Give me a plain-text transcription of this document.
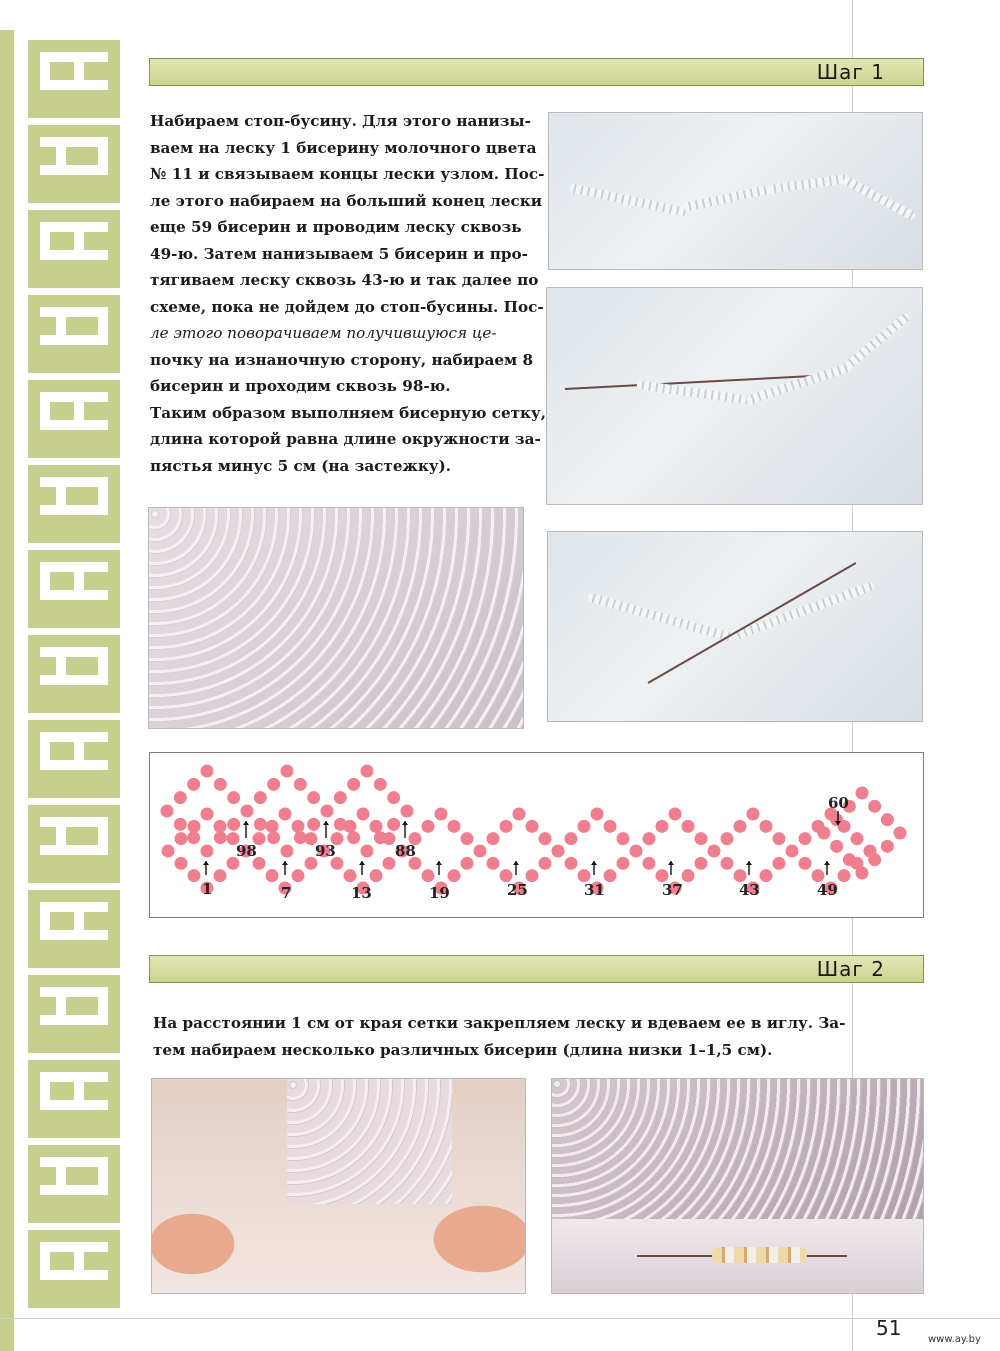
Шаг 1

Набираем стоп-бусину. Для этого нанизы-
ваем на леску 1 бисерину молочного цвета
№ 11 и связываем концы лески узлом. Пос-
ле этого набираем на больший конец лески
еще 59 бисерин и проводим леску сквозь
49-ю. Затем нанизываем 5 бисерин и про-
тягиваем леску сквозь 43-ю и так далее по
схеме, пока не дойдем до стоп-бусины. Пос-
ле этого поворачиваем получившуюся це-
почку на изнаночную сторону, набираем 8
бисерин и проходим сквозь 98-ю.
Таким образом выполняем бисерную сетку,
длина которой равна длине окружности за-
пястья минус 5 см (на застежку).

1	7	13	19	25	31	37	43	49
98	93	88
60
Шаг 2

На расстоянии 1 см от края сетки закрепляем леску и вдеваем ее в иглу. За-
тем набираем несколько различных бисерин (длина низки 1–1,5 см).

51	www.ay.by
